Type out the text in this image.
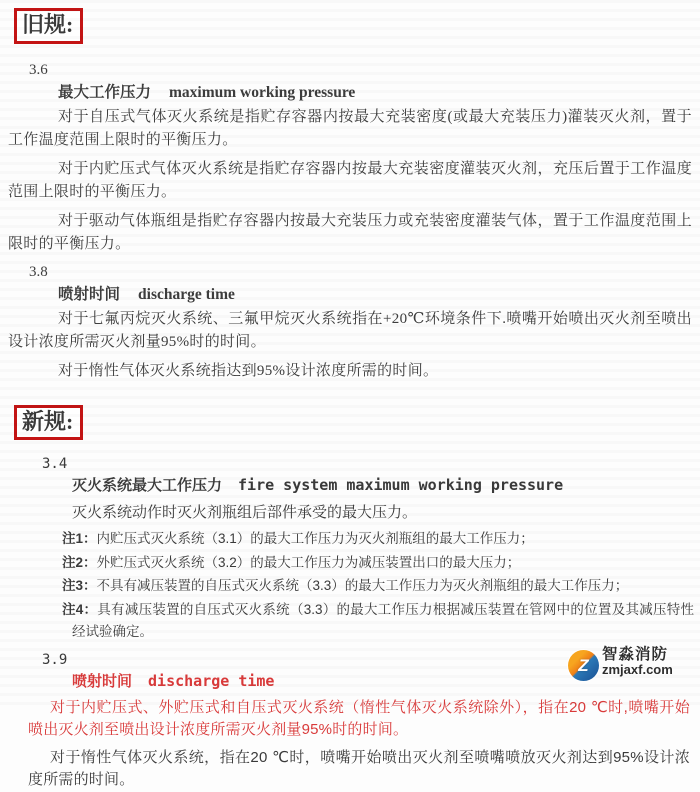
旧规:
3.6
最大工作压力 maximum working pressure

对于自压式气体灭火系统是指贮存容器内按最大充装密度(或最大充装压力)灌装灭火剂，置于工作温度范围上限时的平衡压力。

对于内贮压式气体灭火系统是指贮存容器内按最大充装密度灌装灭火剂，充压后置于工作温度范围上限时的平衡压力。

对于驱动气体瓶组是指贮存容器内按最大充装压力或充装密度灌装气体，置于工作温度范围上限时的平衡压力。

3.8
喷射时间 discharge time

对于七氟丙烷灭火系统、三氟甲烷灭火系统指在+20℃环境条件下.喷嘴开始喷出灭火剂至喷出设计浓度所需灭火剂量95%时的时间。

对于惰性气体灭火系统指达到95%设计浓度所需的时间。

新规:
3.4
灭火系统最大工作压力 fire system maximum working pressure

灭火系统动作时灭火剂瓶组后部件承受的最大压力。

注1：内贮压式灭火系统（3.1）的最大工作压力为灭火剂瓶组的最大工作压力；
注2：外贮压式灭火系统（3.2）的最大工作压力为减压装置出口的最大压力；
注3：不具有减压装置的自压式灭火系统（3.3）的最大工作压力为灭火剂瓶组的最大工作压力；
注4：具有减压装置的自压式灭火系统（3.3）的最大工作压力根据减压装置在管网中的位置及其减压特性经试验确定。
3.9
喷射时间 discharge time

对于内贮压式、外贮压式和自压式灭火系统（惰性气体灭火系统除外），指在20 ℃时,喷嘴开始喷出灭火剂至喷出设计浓度所需灭火剂量95%时的时间。

对于惰性气体灭火系统，指在20 ℃时，喷嘴开始喷出灭火剂至喷嘴喷放灭火剂达到95%设计浓度所需的时间。

Z
智淼消防
zmjaxf.com
